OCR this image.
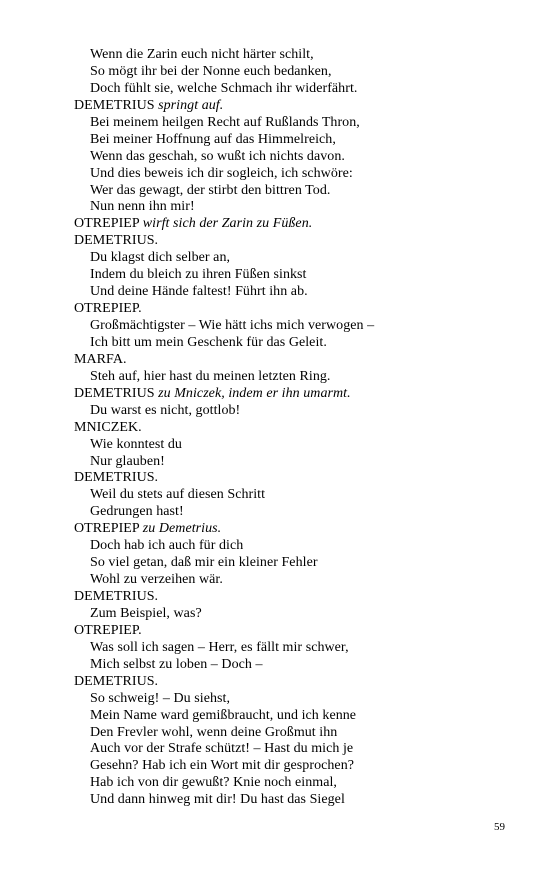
Wenn die Zarin euch nicht härter schilt,
So mögt ihr bei der Nonne euch bedanken,
Doch fühlt sie, welche Schmach ihr widerfährt.
DEMETRIUS springt auf.
Bei meinem heilgen Recht auf Rußlands Thron,
Bei meiner Hoffnung auf das Himmelreich,
Wenn das geschah, so wußt ich nichts davon.
Und dies beweis ich dir sogleich, ich schwöre:
Wer das gewagt, der stirbt den bittren Tod.
Nun nenn ihn mir!
OTREPIEP wirft sich der Zarin zu Füßen.
DEMETRIUS.
Du klagst dich selber an,
Indem du bleich zu ihren Füßen sinkst
Und deine Hände faltest! Führt ihn ab.
OTREPIEP.
Großmächtigster – Wie hätt ichs mich verwogen –
Ich bitt um mein Geschenk für das Geleit.
MARFA.
Steh auf, hier hast du meinen letzten Ring.
DEMETRIUS zu Mniczek, indem er ihn umarmt.
Du warst es nicht, gottlob!
MNICZEK.
Wie konntest du
Nur glauben!
DEMETRIUS.
Weil du stets auf diesen Schritt
Gedrungen hast!
OTREPIEP zu Demetrius.
Doch hab ich auch für dich
So viel getan, daß mir ein kleiner Fehler
Wohl zu verzeihen wär.
DEMETRIUS.
Zum Beispiel, was?
OTREPIEP.
Was soll ich sagen – Herr, es fällt mir schwer,
Mich selbst zu loben – Doch –
DEMETRIUS.
So schweig! – Du siehst,
Mein Name ward gemißbraucht, und ich kenne
Den Frevler wohl, wenn deine Großmut ihn
Auch vor der Strafe schützt! – Hast du mich je
Gesehn? Hab ich ein Wort mit dir gesprochen?
Hab ich von dir gewußt? Knie noch einmal,
Und dann hinweg mit dir! Du hast das Siegel
59
